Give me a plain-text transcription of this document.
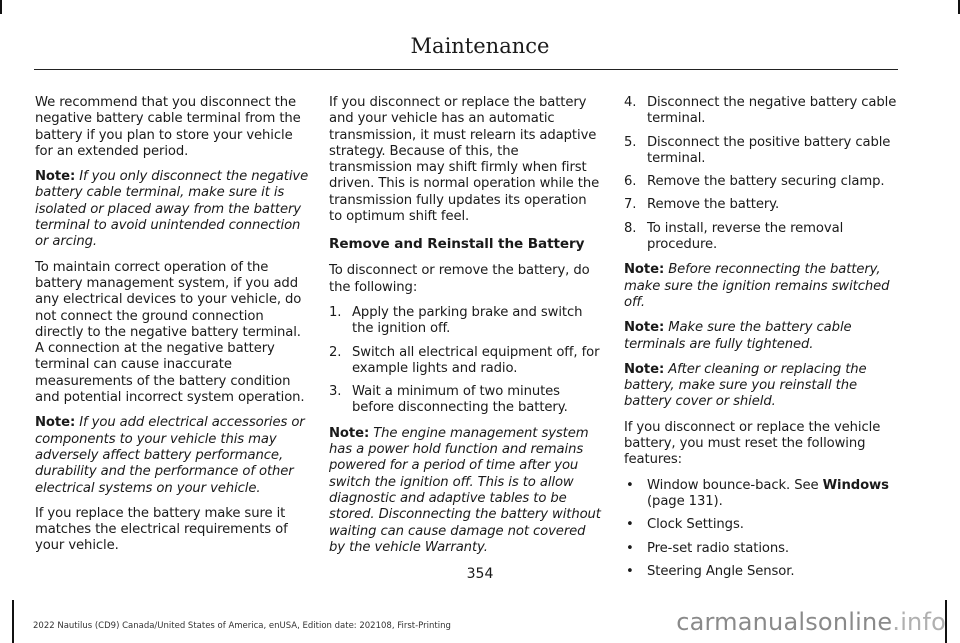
Maintenance

We recommend that you disconnect the negative battery cable terminal from the battery if you plan to store your vehicle for an extended period.

Note: If you only disconnect the negative battery cable terminal, make sure it is isolated or placed away from the battery terminal to avoid unintended connection or arcing.

To maintain correct operation of the battery management system, if you add any electrical devices to your vehicle, do not connect the ground connection directly to the negative battery terminal. A connection at the negative battery terminal can cause inaccurate measurements of the battery condition and potential incorrect system operation.

Note: If you add electrical accessories or components to your vehicle this may adversely affect battery performance, durability and the performance of other electrical systems on your vehicle.

If you replace the battery make sure it matches the electrical requirements of your vehicle.

If you disconnect or replace the battery and your vehicle has an automatic transmission, it must relearn its adaptive strategy. Because of this, the transmission may shift firmly when first driven. This is normal operation while the transmission fully updates its operation to optimum shift feel.

Remove and Reinstall the Battery

To disconnect or remove the battery, do the following:

1. Apply the parking brake and switch the ignition off.
2. Switch all electrical equipment off, for example lights and radio.
3. Wait a minimum of two minutes before disconnecting the battery.

Note: The engine management system has a power hold function and remains powered for a period of time after you switch the ignition off. This is to allow diagnostic and adaptive tables to be stored. Disconnecting the battery without waiting can cause damage not covered by the vehicle Warranty.

4. Disconnect the negative battery cable terminal.
5. Disconnect the positive battery cable terminal.
6. Remove the battery securing clamp.
7. Remove the battery.
8. To install, reverse the removal procedure.

Note: Before reconnecting the battery, make sure the ignition remains switched off.

Note: Make sure the battery cable terminals are fully tightened.

Note: After cleaning or replacing the battery, make sure you reinstall the battery cover or shield.

If you disconnect or replace the vehicle battery, you must reset the following features:

• Window bounce-back. See Windows (page 131).
• Clock Settings.
• Pre-set radio stations.
• Steering Angle Sensor.
354
2022 Nautilus (CD9) Canada/United States of America, enUSA, Edition date: 202108, First-Printing	carmanualsonline.info
